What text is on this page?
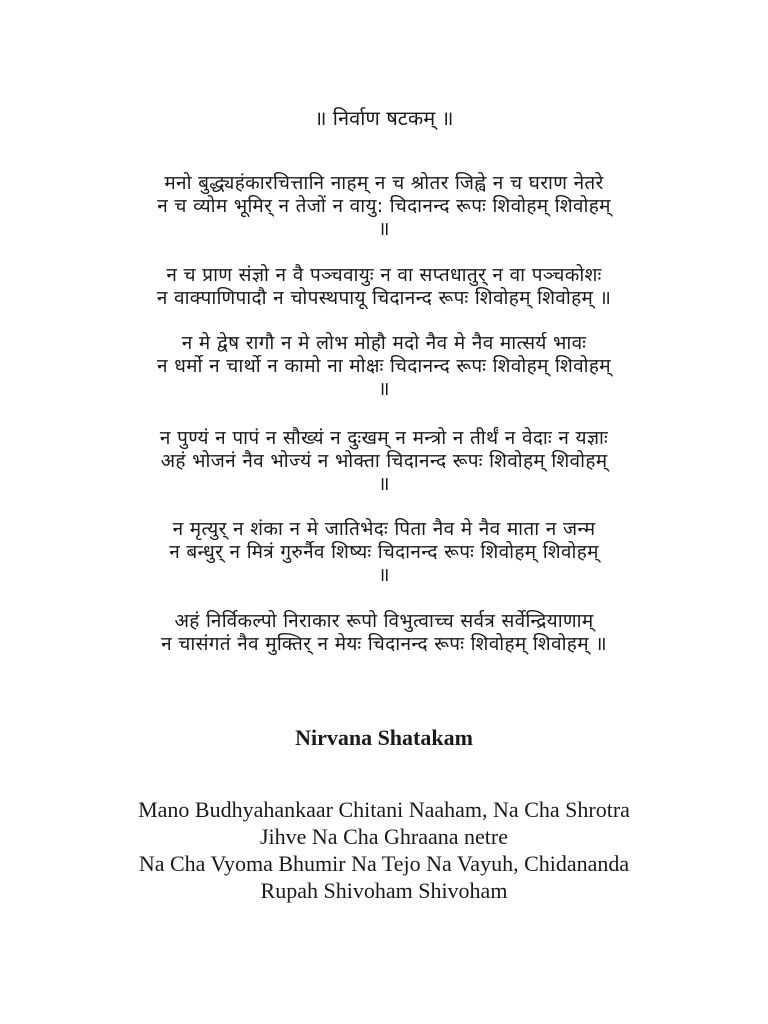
॥ निर्वाण षटकम् ॥
मनो बुद्ध्यहंकारचित्तानि नाहम् न च श्रोतर जिह्वे न च घराण नेतरे
न च व्योम भूमिर् न तेजों न वायु: चिदानन्द रूपः शिवोहम् शिवोहम्
॥
न च प्राण संज्ञो न वै पञ्चवायुः न वा सप्तधातुर् न वा पञ्चकोशः
न वाक्पाणिपादौ न चोपस्थपायू चिदानन्द रूपः शिवोहम् शिवोहम् ॥
न मे द्वेष रागौ न मे लोभ मोहौ मदो नैव मे नैव मात्सर्य भावः
न धर्मो न चार्थो न कामो ना मोक्षः चिदानन्द रूपः शिवोहम् शिवोहम्
॥
न पुण्यं न पापं न सौख्यं न दुःखम् न मन्त्रो न तीर्थं न वेदाः न यज्ञाः
अहं भोजनं नैव भोज्यं न भोक्ता चिदानन्द रूपः शिवोहम् शिवोहम्
॥
न मृत्युर् न शंका न मे जातिभेदः पिता नैव मे नैव माता न जन्म
न बन्धुर् न मित्रं गुरुर्नैव शिष्यः चिदानन्द रूपः शिवोहम् शिवोहम्
॥
अहं निर्विकल्पो निराकार रूपो विभुत्वाच्च सर्वत्र सर्वेन्द्रियाणाम्
न चासंगतं नैव मुक्तिर् न मेयः चिदानन्द रूपः शिवोहम् शिवोहम् ॥
Nirvana Shatakam
Mano Budhyahankaar Chitani Naaham, Na Cha Shrotra
Jihve Na Cha Ghraana netre
Na Cha Vyoma Bhumir Na Tejo Na Vayuh, Chidananda
Rupah Shivoham Shivoham
